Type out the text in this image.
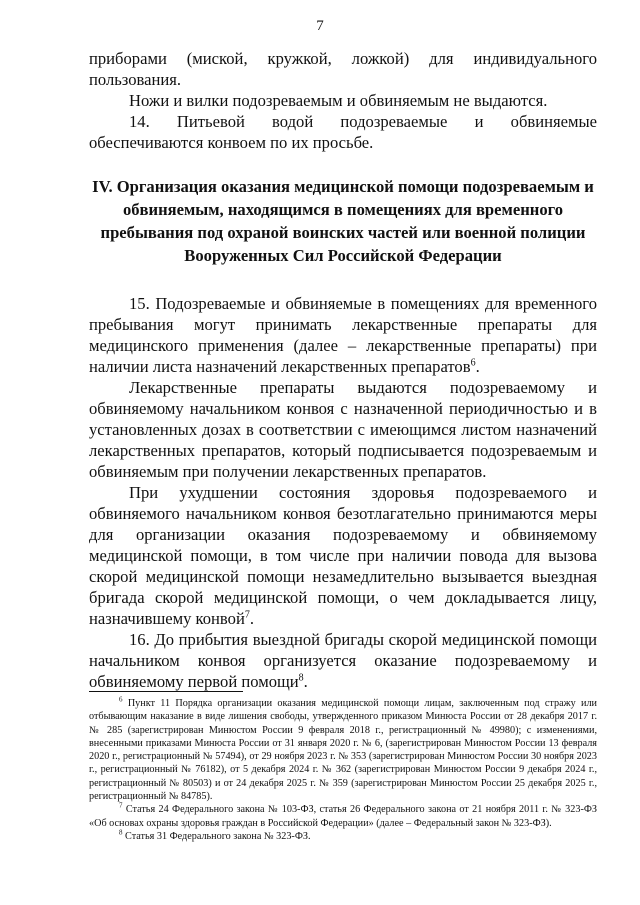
7

приборами (миской, кружкой, ложкой) для индивидуального пользования.

Ножи и вилки подозреваемым и обвиняемым не выдаются.

14. Питьевой водой подозреваемые и обвиняемые обеспечиваются конвоем по их просьбе.

IV. Организация оказания медицинской помощи подозреваемым и обвиняемым, находящимся в помещениях для временного пребывания под охраной воинских частей или военной полиции Вооруженных Сил Российской Федерации

15. Подозреваемые и обвиняемые в помещениях для временного пребывания могут принимать лекарственные препараты для медицинского применения (далее – лекарственные препараты) при наличии листа назначений лекарственных препаратов$^6$.

Лекарственные препараты выдаются подозреваемому и обвиняемому начальником конвоя с назначенной периодичностью и в установленных дозах в соответствии с имеющимся листом назначений лекарственных препаратов, который подписывается подозреваемым и обвиняемым при получении лекарственных препаратов.

При ухудшении состояния здоровья подозреваемого и обвиняемого начальником конвоя безотлагательно принимаются меры для организации оказания подозреваемому и обвиняемому медицинской помощи, в том числе при наличии повода для вызова скорой медицинской помощи незамедлительно вызывается выездная бригада скорой медицинской помощи, о чем докладывается лицу, назначившему конвой$^7$.

16. До прибытия выездной бригады скорой медицинской помощи начальником конвоя организуется оказание подозреваемому и обвиняемому первой помощи$^8$.

$^6$ Пункт 11 Порядка организации оказания медицинской помощи лицам, заключенным под стражу или отбывающим наказание в виде лишения свободы, утвержденного приказом Минюста России от 28 декабря 2017 г. № 285 (зарегистрирован Минюстом России 9 февраля 2018 г., регистрационный № 49980); с изменениями, внесенными приказами Минюста России от 31 января 2020 г. № 6, (зарегистрирован Минюстом России 13 февраля 2020 г., регистрационный № 57494), от 29 ноября 2023 г. № 353 (зарегистрирован Минюстом России 30 ноября 2023 г., регистрационный № 76182), от 5 декабря 2024 г. № 362 (зарегистрирован Минюстом России 9 декабря 2024 г., регистрационный № 80503) и от 24 декабря 2025 г. № 359 (зарегистрирован Минюстом России 25 декабря 2025 г., регистрационный № 84785).

$^7$ Статья 24 Федерального закона № 103-ФЗ, статья 26 Федерального закона от 21 ноября 2011 г. № 323-ФЗ «Об основах охраны здоровья граждан в Российской Федерации» (далее – Федеральный закон № 323-ФЗ).

$^8$ Статья 31 Федерального закона № 323-ФЗ.
